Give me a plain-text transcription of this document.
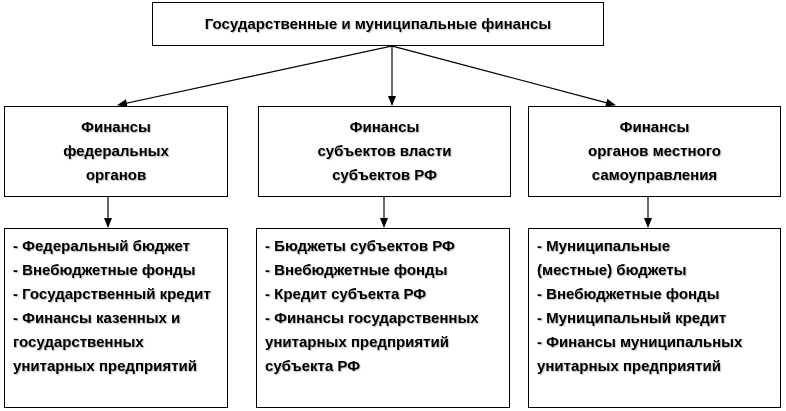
Государственные и муниципальные финансы
Финансы
федеральных
органов
Финансы
субъектов власти
субъектов РФ
Финансы
органов местного
самоуправления
- Федеральный бюджет
- Внебюджетные фонды
- Государственный кредит
- Финансы казенных и
государственных
унитарных предприятий
- Бюджеты субъектов РФ
- Внебюджетные фонды
- Кредит субъекта РФ
- Финансы государственных
унитарных предприятий
субъекта РФ
- Муниципальные
(местные) бюджеты
- Внебюджетные фонды
- Муниципальный кредит
- Финансы муниципальных
унитарных предприятий
